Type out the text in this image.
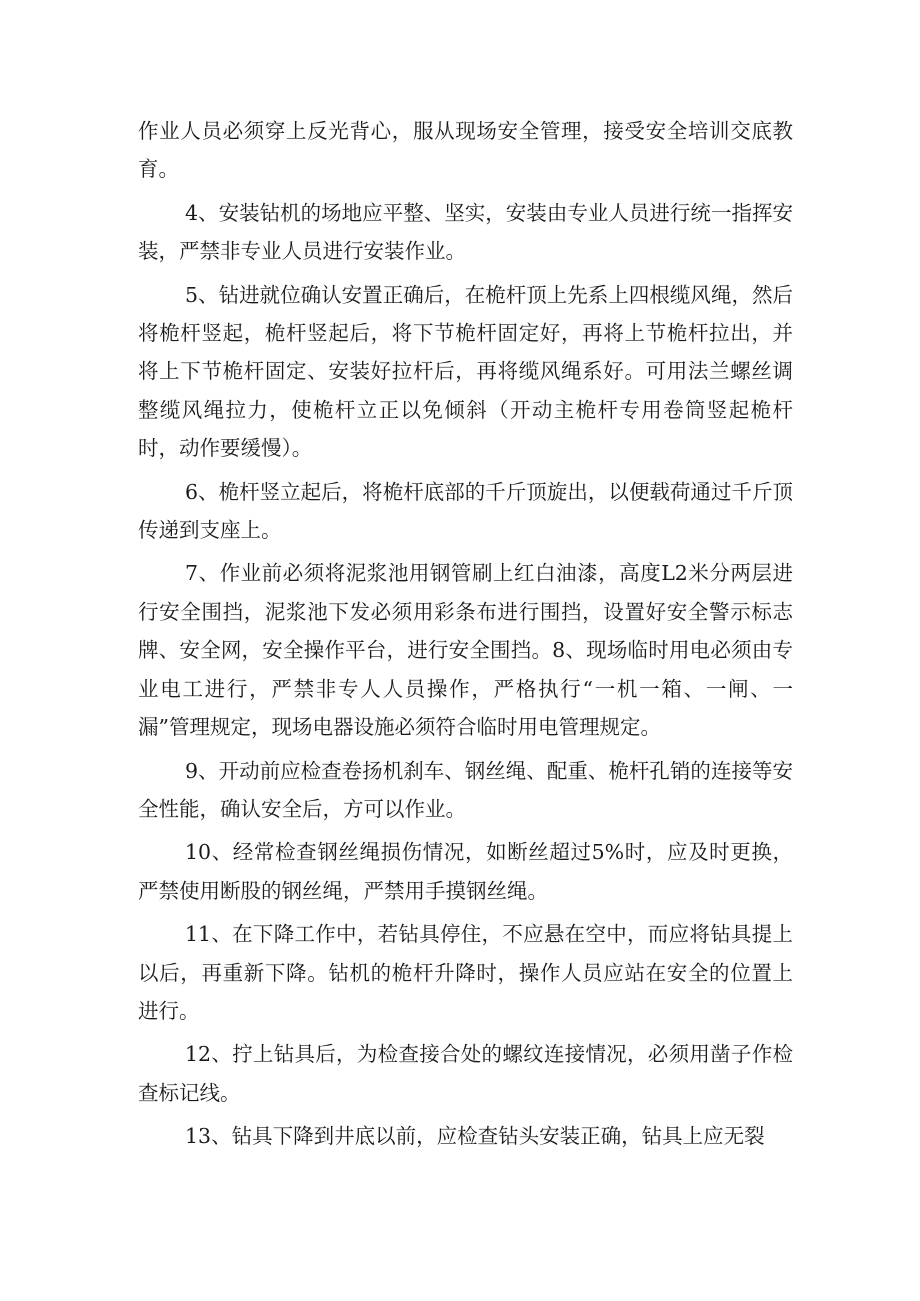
作业人员必须穿上反光背心，服从现场安全管理，接受安全培训交底教育。

4、安装钻机的场地应平整、坚实，安装由专业人员进行统一指挥安装，严禁非专业人员进行安装作业。

5、钻进就位确认安置正确后，在桅杆顶上先系上四根缆风绳，然后将桅杆竖起，桅杆竖起后，将下节桅杆固定好，再将上节桅杆拉出，并将上下节桅杆固定、安装好拉杆后，再将缆风绳系好。可用法兰螺丝调整缆风绳拉力，使桅杆立正以免倾斜（开动主桅杆专用卷筒竖起桅杆时，动作要缓慢）。

6、桅杆竖立起后，将桅杆底部的千斤顶旋出，以便载荷通过千斤顶传递到支座上。

7、作业前必须将泥浆池用钢管刷上红白油漆，高度L2米分两层进行安全围挡，泥浆池下发必须用彩条布进行围挡，设置好安全警示标志牌、安全网，安全操作平台，进行安全围挡。8、现场临时用电必须由专业电工进行，严禁非专人人员操作，严格执行“一机一箱、一闸、一漏”管理规定，现场电器设施必须符合临时用电管理规定。

9、开动前应检查卷扬机刹车、钢丝绳、配重、桅杆孔销的连接等安全性能，确认安全后，方可以作业。

10、经常检查钢丝绳损伤情况，如断丝超过5%时，应及时更换，严禁使用断股的钢丝绳，严禁用手摸钢丝绳。

11、在下降工作中，若钻具停住，不应悬在空中，而应将钻具提上以后，再重新下降。钻机的桅杆升降时，操作人员应站在安全的位置上进行。

12、拧上钻具后，为检查接合处的螺纹连接情况，必须用凿子作检查标记线。

13、钻具下降到井底以前，应检查钻头安装正确，钻具上应无裂
